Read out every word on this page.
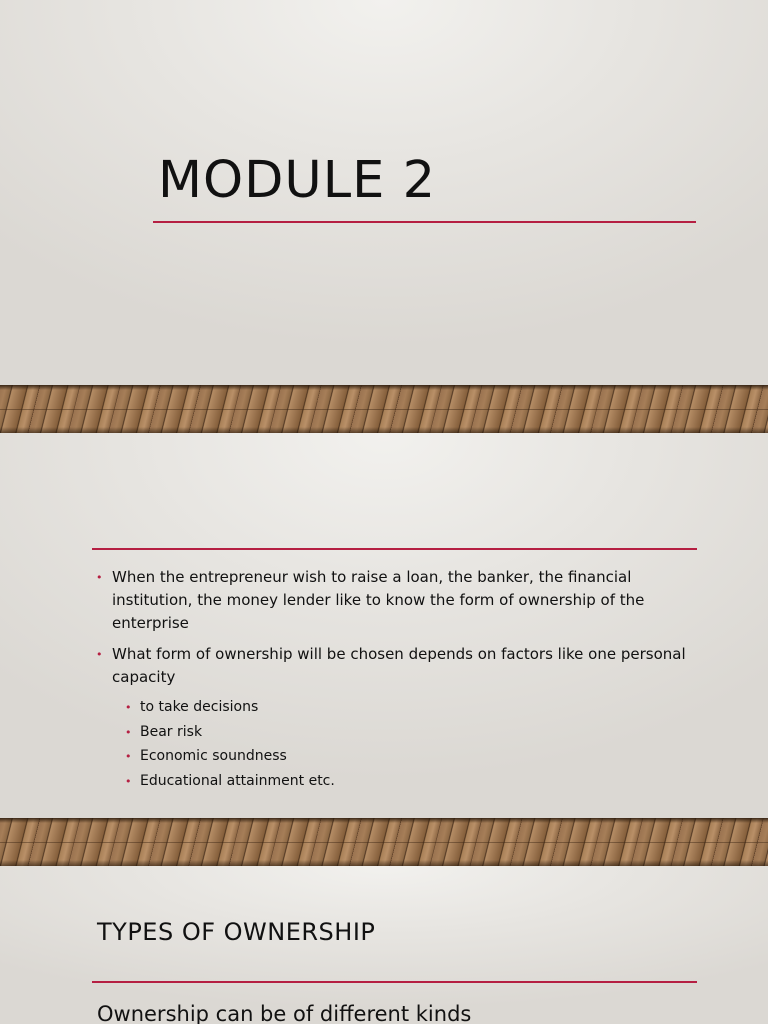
MODULE 2
• When the entrepreneur wish to raise a loan, the banker, the financial institution, the money lender like to know the form of ownership of the enterprise
• What form of ownership will be chosen depends on factors like one personal capacity
• to take decisions
• Bear risk
• Economic soundness
• Educational attainment etc.
TYPES OF OWNERSHIP

Ownership can be of different kinds
